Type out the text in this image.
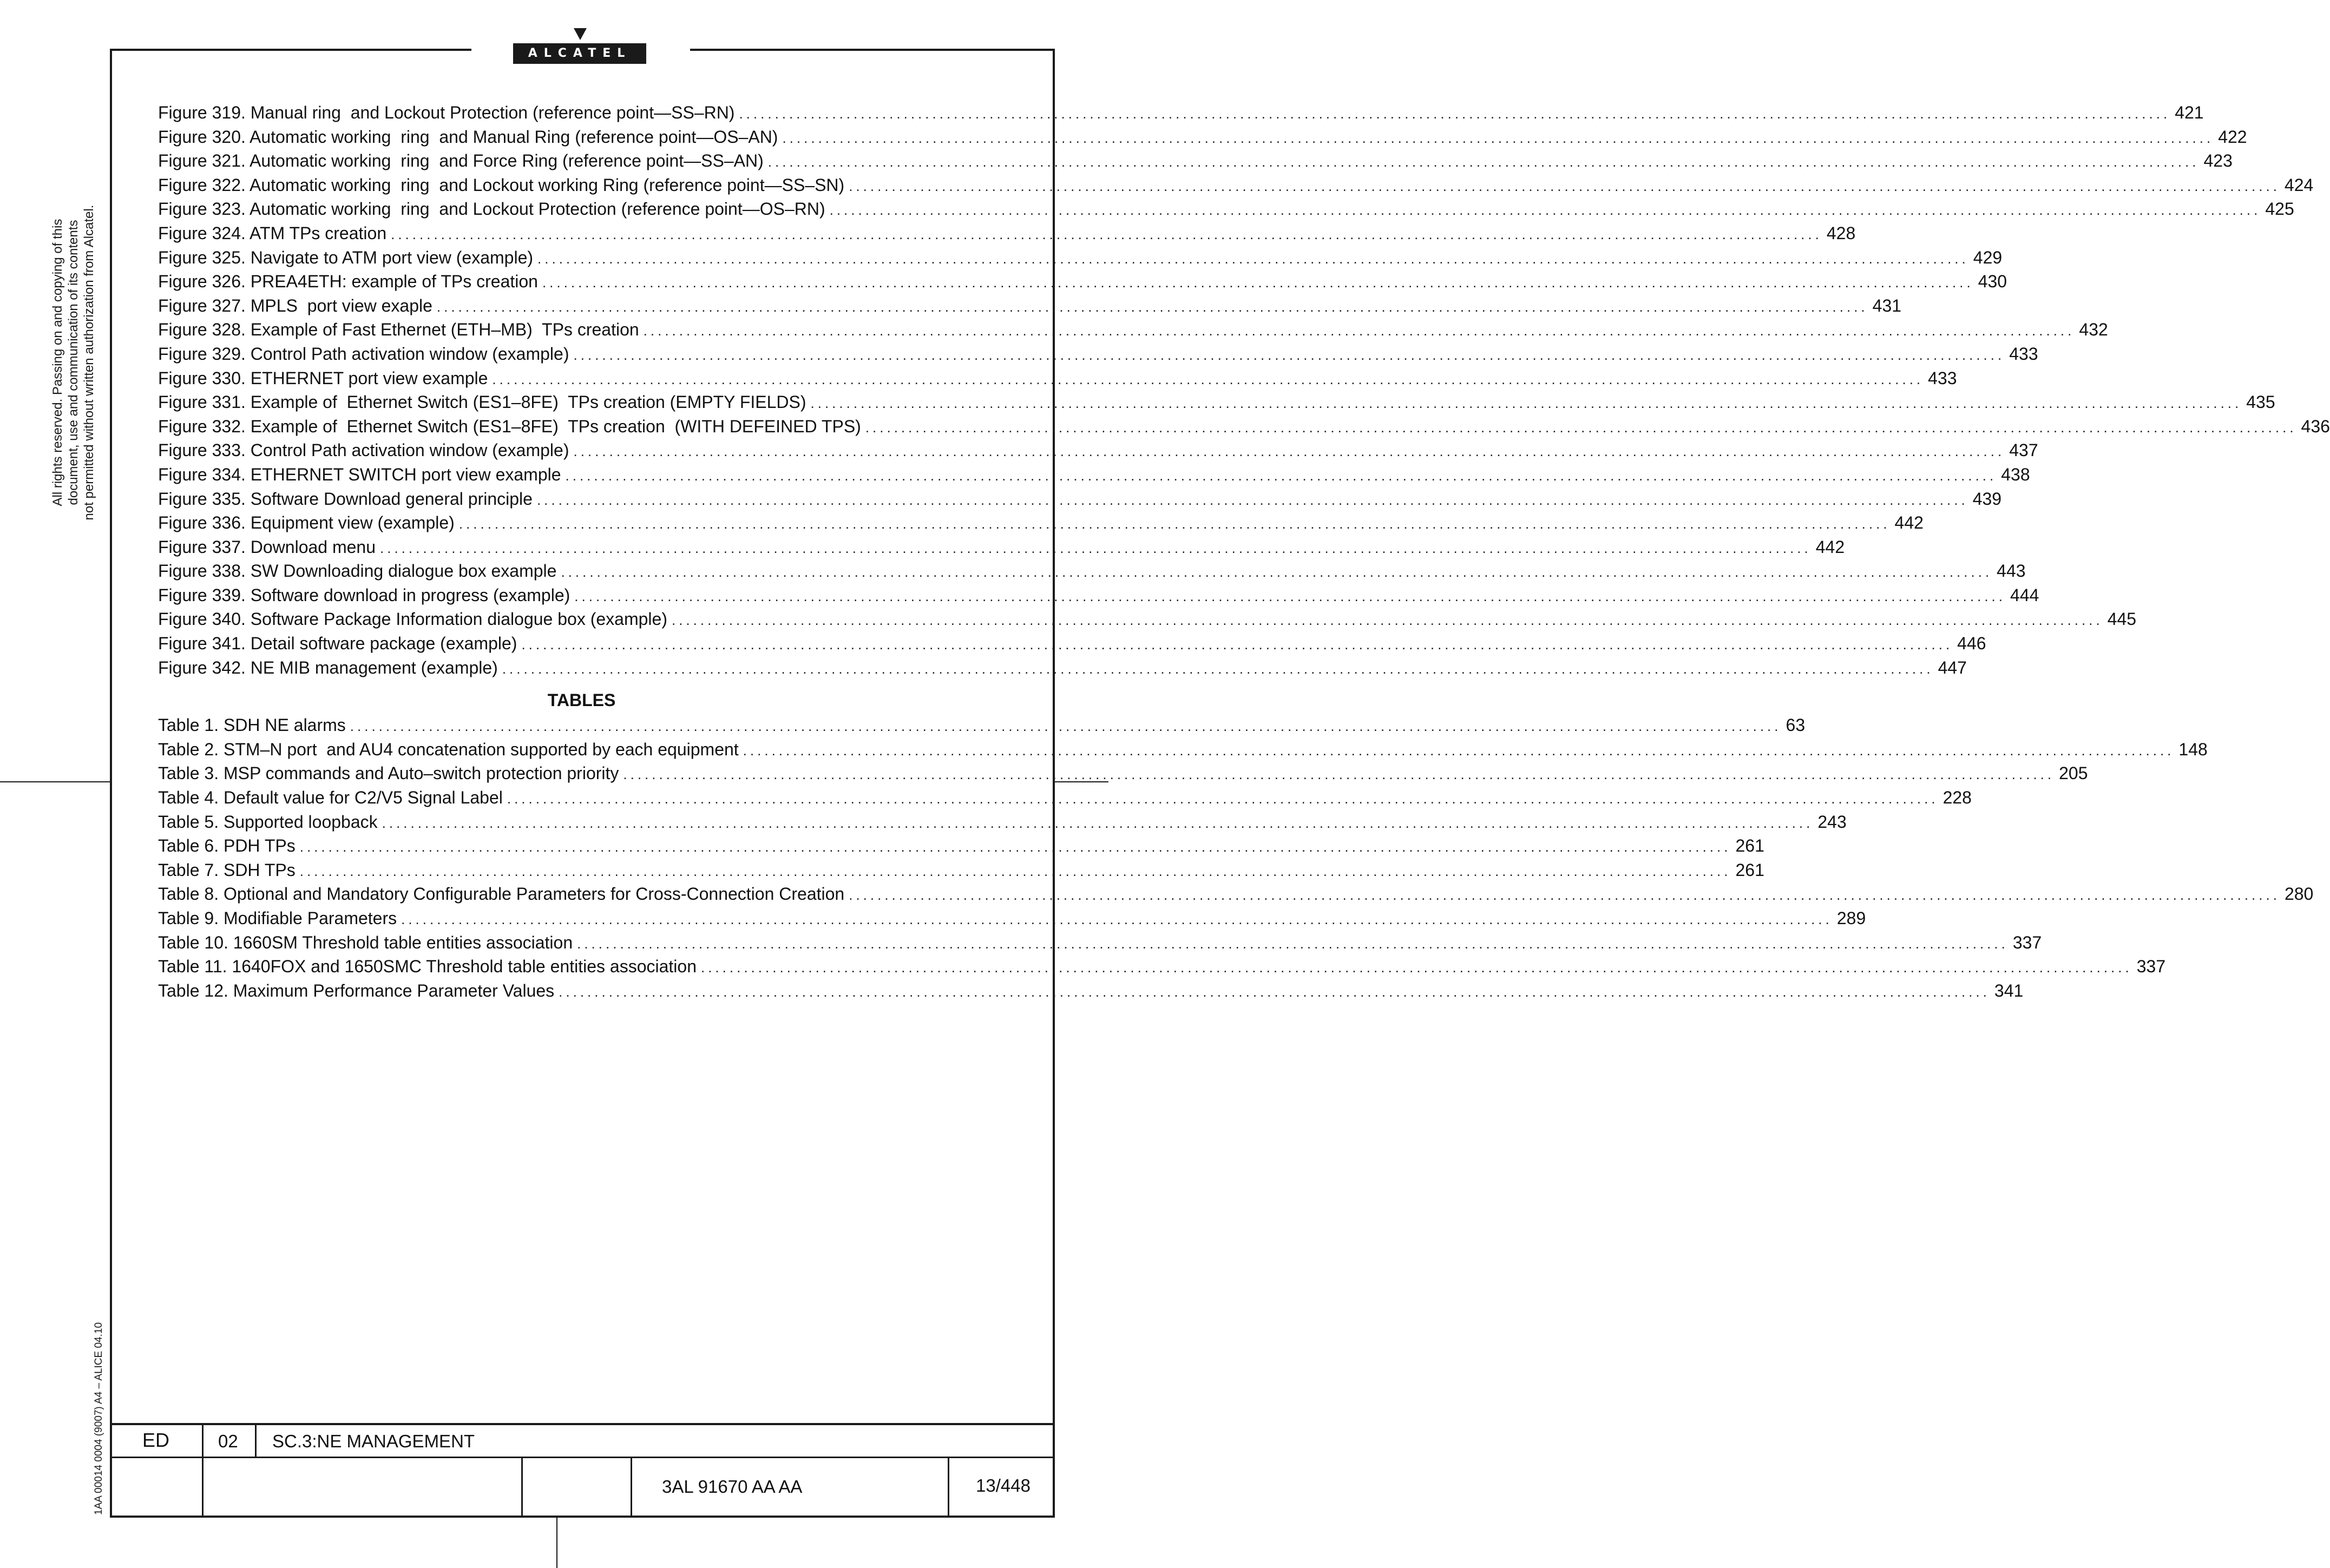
ALCATEL
All rights reserved. Passing on and copying of this
document, use and communication of its contents
not permitted without written authorization from Alcatel.
1AA 00014 0004 (9007) A4 – ALICE 04.10
Figure 319. Manual ring  and Lockout Protection (reference point—SS–RN) ........................................................................................................................................................................................................ 421
Figure 320. Automatic working  ring  and Manual Ring (reference point—OS–AN) ........................................................................................................................................................................................................ 422
Figure 321. Automatic working  ring  and Force Ring (reference point—SS–AN) ........................................................................................................................................................................................................ 423
Figure 322. Automatic working  ring  and Lockout working Ring (reference point—SS–SN) ........................................................................................................................................................................................................ 424
Figure 323. Automatic working  ring  and Lockout Protection (reference point—OS–RN) ........................................................................................................................................................................................................ 425
Figure 324. ATM TPs creation ........................................................................................................................................................................................................ 428
Figure 325. Navigate to ATM port view (example) ........................................................................................................................................................................................................ 429
Figure 326. PREA4ETH: example of TPs creation ........................................................................................................................................................................................................ 430
Figure 327. MPLS  port view exaple ........................................................................................................................................................................................................ 431
Figure 328. Example of Fast Ethernet (ETH–MB)  TPs creation ........................................................................................................................................................................................................ 432
Figure 329. Control Path activation window (example) ........................................................................................................................................................................................................ 433
Figure 330. ETHERNET port view example ........................................................................................................................................................................................................ 433
Figure 331. Example of  Ethernet Switch (ES1–8FE)  TPs creation (EMPTY FIELDS) ........................................................................................................................................................................................................ 435
Figure 332. Example of  Ethernet Switch (ES1–8FE)  TPs creation  (WITH DEFEINED TPS) ........................................................................................................................................................................................................ 436
Figure 333. Control Path activation window (example) ........................................................................................................................................................................................................ 437
Figure 334. ETHERNET SWITCH port view example ........................................................................................................................................................................................................ 438
Figure 335. Software Download general principle ........................................................................................................................................................................................................ 439
Figure 336. Equipment view (example) ........................................................................................................................................................................................................ 442
Figure 337. Download menu ........................................................................................................................................................................................................ 442
Figure 338. SW Downloading dialogue box example ........................................................................................................................................................................................................ 443
Figure 339. Software download in progress (example) ........................................................................................................................................................................................................ 444
Figure 340. Software Package Information dialogue box (example) ........................................................................................................................................................................................................ 445
Figure 341. Detail software package (example) ........................................................................................................................................................................................................ 446
Figure 342. NE MIB management (example) ........................................................................................................................................................................................................ 447
TABLES
Table 1. SDH NE alarms ........................................................................................................................................................................................................ 63
Table 2. STM–N port  and AU4 concatenation supported by each equipment ........................................................................................................................................................................................................ 148
Table 3. MSP commands and Auto–switch protection priority ........................................................................................................................................................................................................ 205
Table 4. Default value for C2/V5 Signal Label ........................................................................................................................................................................................................ 228
Table 5. Supported loopback ........................................................................................................................................................................................................ 243
Table 6. PDH TPs ........................................................................................................................................................................................................ 261
Table 7. SDH TPs ........................................................................................................................................................................................................ 261
Table 8. Optional and Mandatory Configurable Parameters for Cross-Connection Creation ........................................................................................................................................................................................................ 280
Table 9. Modifiable Parameters ........................................................................................................................................................................................................ 289
Table 10. 1660SM Threshold table entities association ........................................................................................................................................................................................................ 337
Table 11. 1640FOX and 1650SMC Threshold table entities association ........................................................................................................................................................................................................ 337
Table 12. Maximum Performance Parameter Values ........................................................................................................................................................................................................ 341
ED	02 SC.3:NE MANAGEMENT
3AL 91670 AA AA	13/448
